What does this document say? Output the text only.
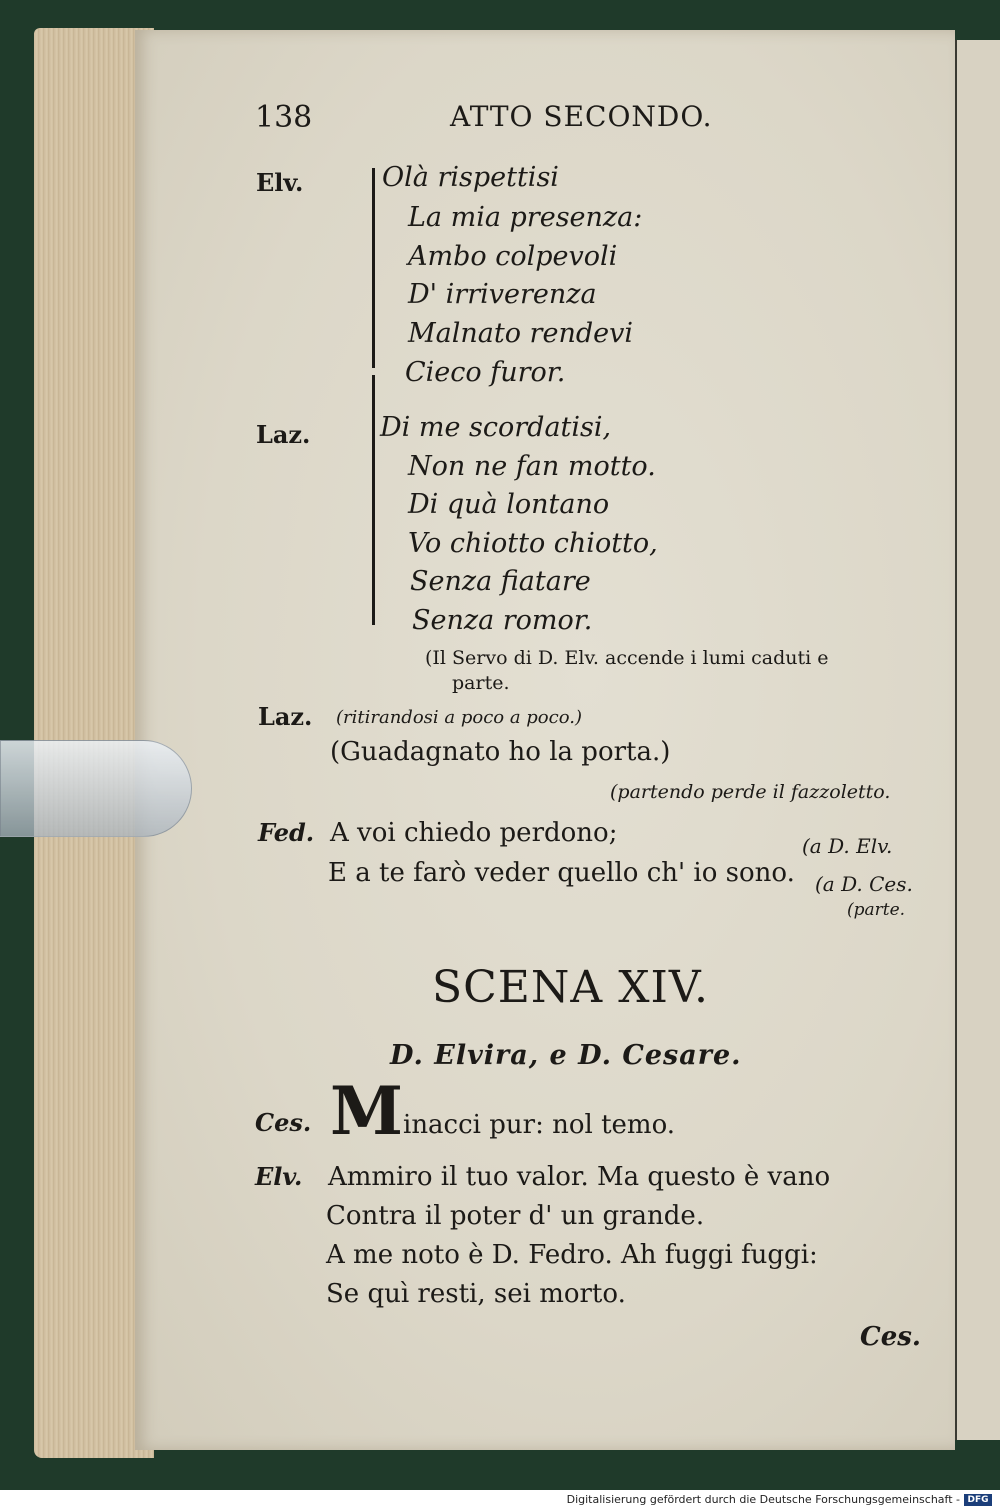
138	ATTO SECONDO.
Elv.	Olà rispettisi
La mia presenza:
Ambo colpevoli
D' irriverenza
Malnato rendevi
Cieco furor.
Laz.	Di me scordatisi,
Non ne fan motto.
Di quà lontano
Vo chiotto chiotto,
Senza fiatare
Senza romor.
(Il Servo di D. Elv. accende i lumi caduti e
parte.
Laz. (ritirandosi a poco a poco.)
(Guadagnato ho la porta.)
(partendo perde il fazzoletto.
Fed. A voi chiedo perdono;	(a D. Elv.
E a te farò veder quello ch' io sono. (a D. Ces.
(parte.
SCENA XIV.
D. Elvira, e D. Cesare.
Ces. M inacci pur: nol temo.
Elv. Ammiro il tuo valor. Ma questo è vano
Contra il poter d' un grande.
A me noto è D. Fedro. Ah fuggi fuggi:
Se quì resti, sei morto.
Ces.
Digitalisierung gefördert durch die Deutsche Forschungsgemeinschaft - DFG
